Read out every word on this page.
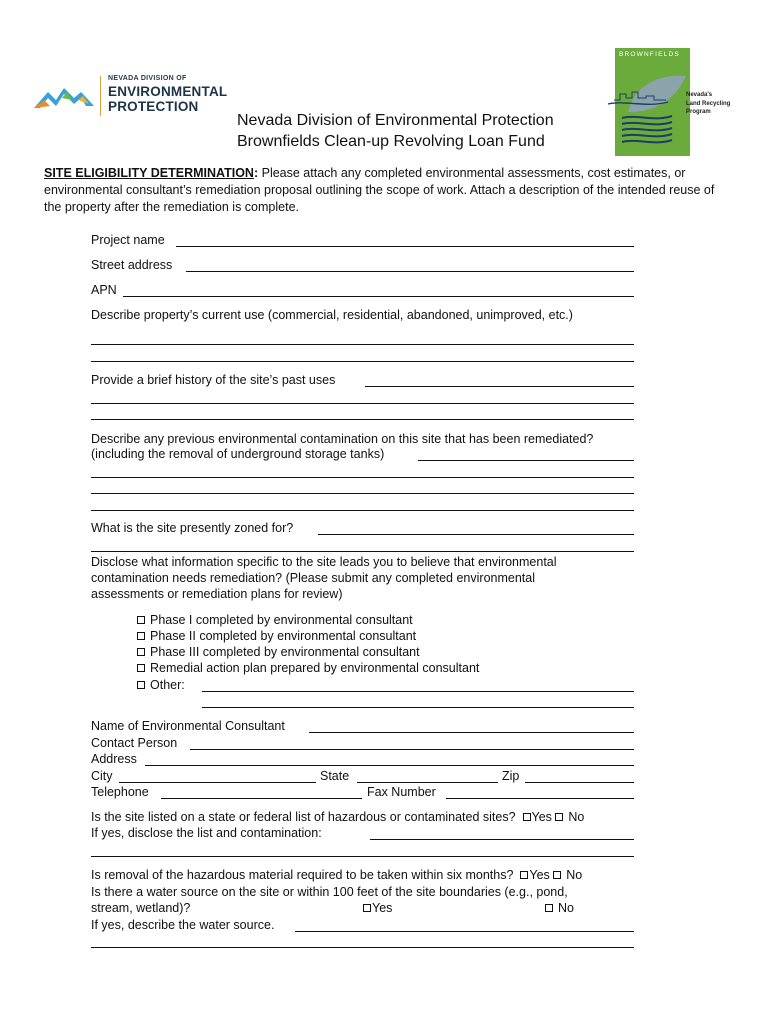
NEVADA DIVISION OF
ENVIRONMENTAL
PROTECTION
BROWNFIELDS
Nevada's
Land Recycling
Program
Nevada Division of Environmental Protection
Brownfields Clean-up Revolving Loan Fund
SITE ELIGIBILITY DETERMINATION: Please attach any completed environmental assessments, cost estimates, or environmental consultant’s remediation proposal outlining the scope of work. Attach a description of the intended reuse of the property after the remediation is complete.
Project name
Street address
APN
Describe property’s current use (commercial, residential, abandoned, unimproved, etc.)
Provide a brief history of the site’s past uses
Describe any previous environmental contamination on this site that has been remediated?
(including the removal of underground storage tanks)
What is the site presently zoned for?
Disclose what information specific to the site leads you to believe that environmental
contamination needs remediation? (Please submit any completed environmental
assessments or remediation plans for review)
Phase I completed by environmental consultant
Phase II completed by environmental consultant
Phase III completed by environmental consultant
Remedial action plan prepared by environmental consultant
Other:
Name of Environmental Consultant
Contact Person
Address
City	State	Zip
Telephone	Fax Number
Is the site listed on a state or federal list of hazardous or contaminated sites? Yes No
If yes, disclose the list and contamination:
Is removal of the hazardous material required to be taken within six months? Yes No
Is there a water source on the site or within 100 feet of the site boundaries (e.g., pond,
stream, wetland)?	Yes	No
If yes, describe the water source.
